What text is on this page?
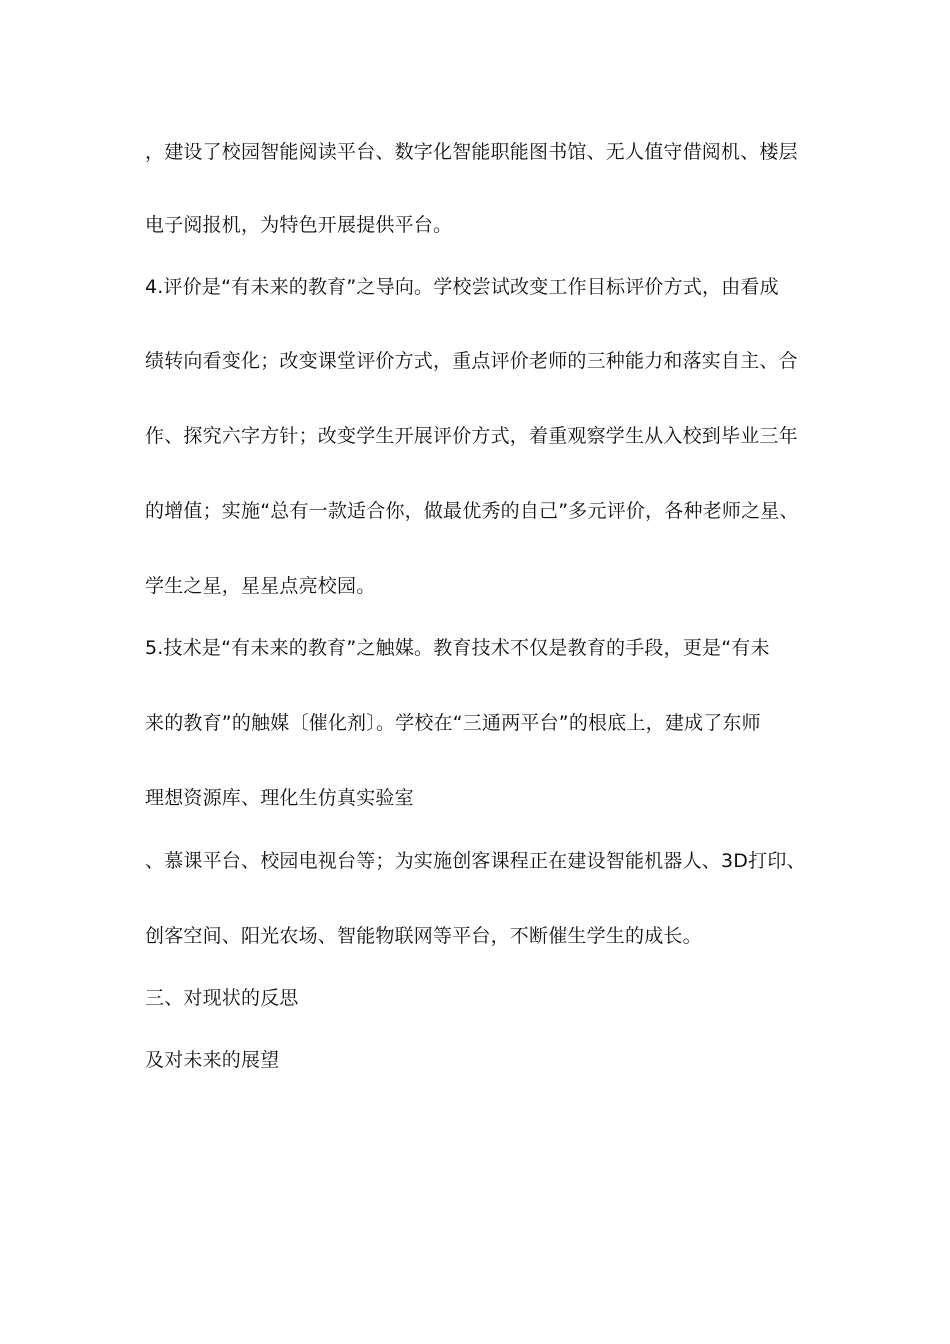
，建设了校园智能阅读平台、数字化智能职能图书馆、无人值守借阅机、楼层
电子阅报机，为特色开展提供平台。
4.评价是“有未来的教育”之导向。学校尝试改变工作目标评价方式，由看成
绩转向看变化；改变课堂评价方式，重点评价老师的三种能力和落实自主、合
作、探究六字方针；改变学生开展评价方式，着重观察学生从入校到毕业三年
的增值；实施“总有一款适合你，做最优秀的自己”多元评价，各种老师之星、
学生之星，星星点亮校园。
5.技术是“有未来的教育”之触媒。教育技术不仅是教育的手段，更是“有未
来的教育”的触媒〔催化剂〕。学校在“三通两平台”的根底上，建成了东师
理想资源库、理化生仿真实验室
、慕课平台、校园电视台等；为实施创客课程正在建设智能机器人、3D打印、
创客空间、阳光农场、智能物联网等平台，不断催生学生的成长。
三、对现状的反思
及对未来的展望
